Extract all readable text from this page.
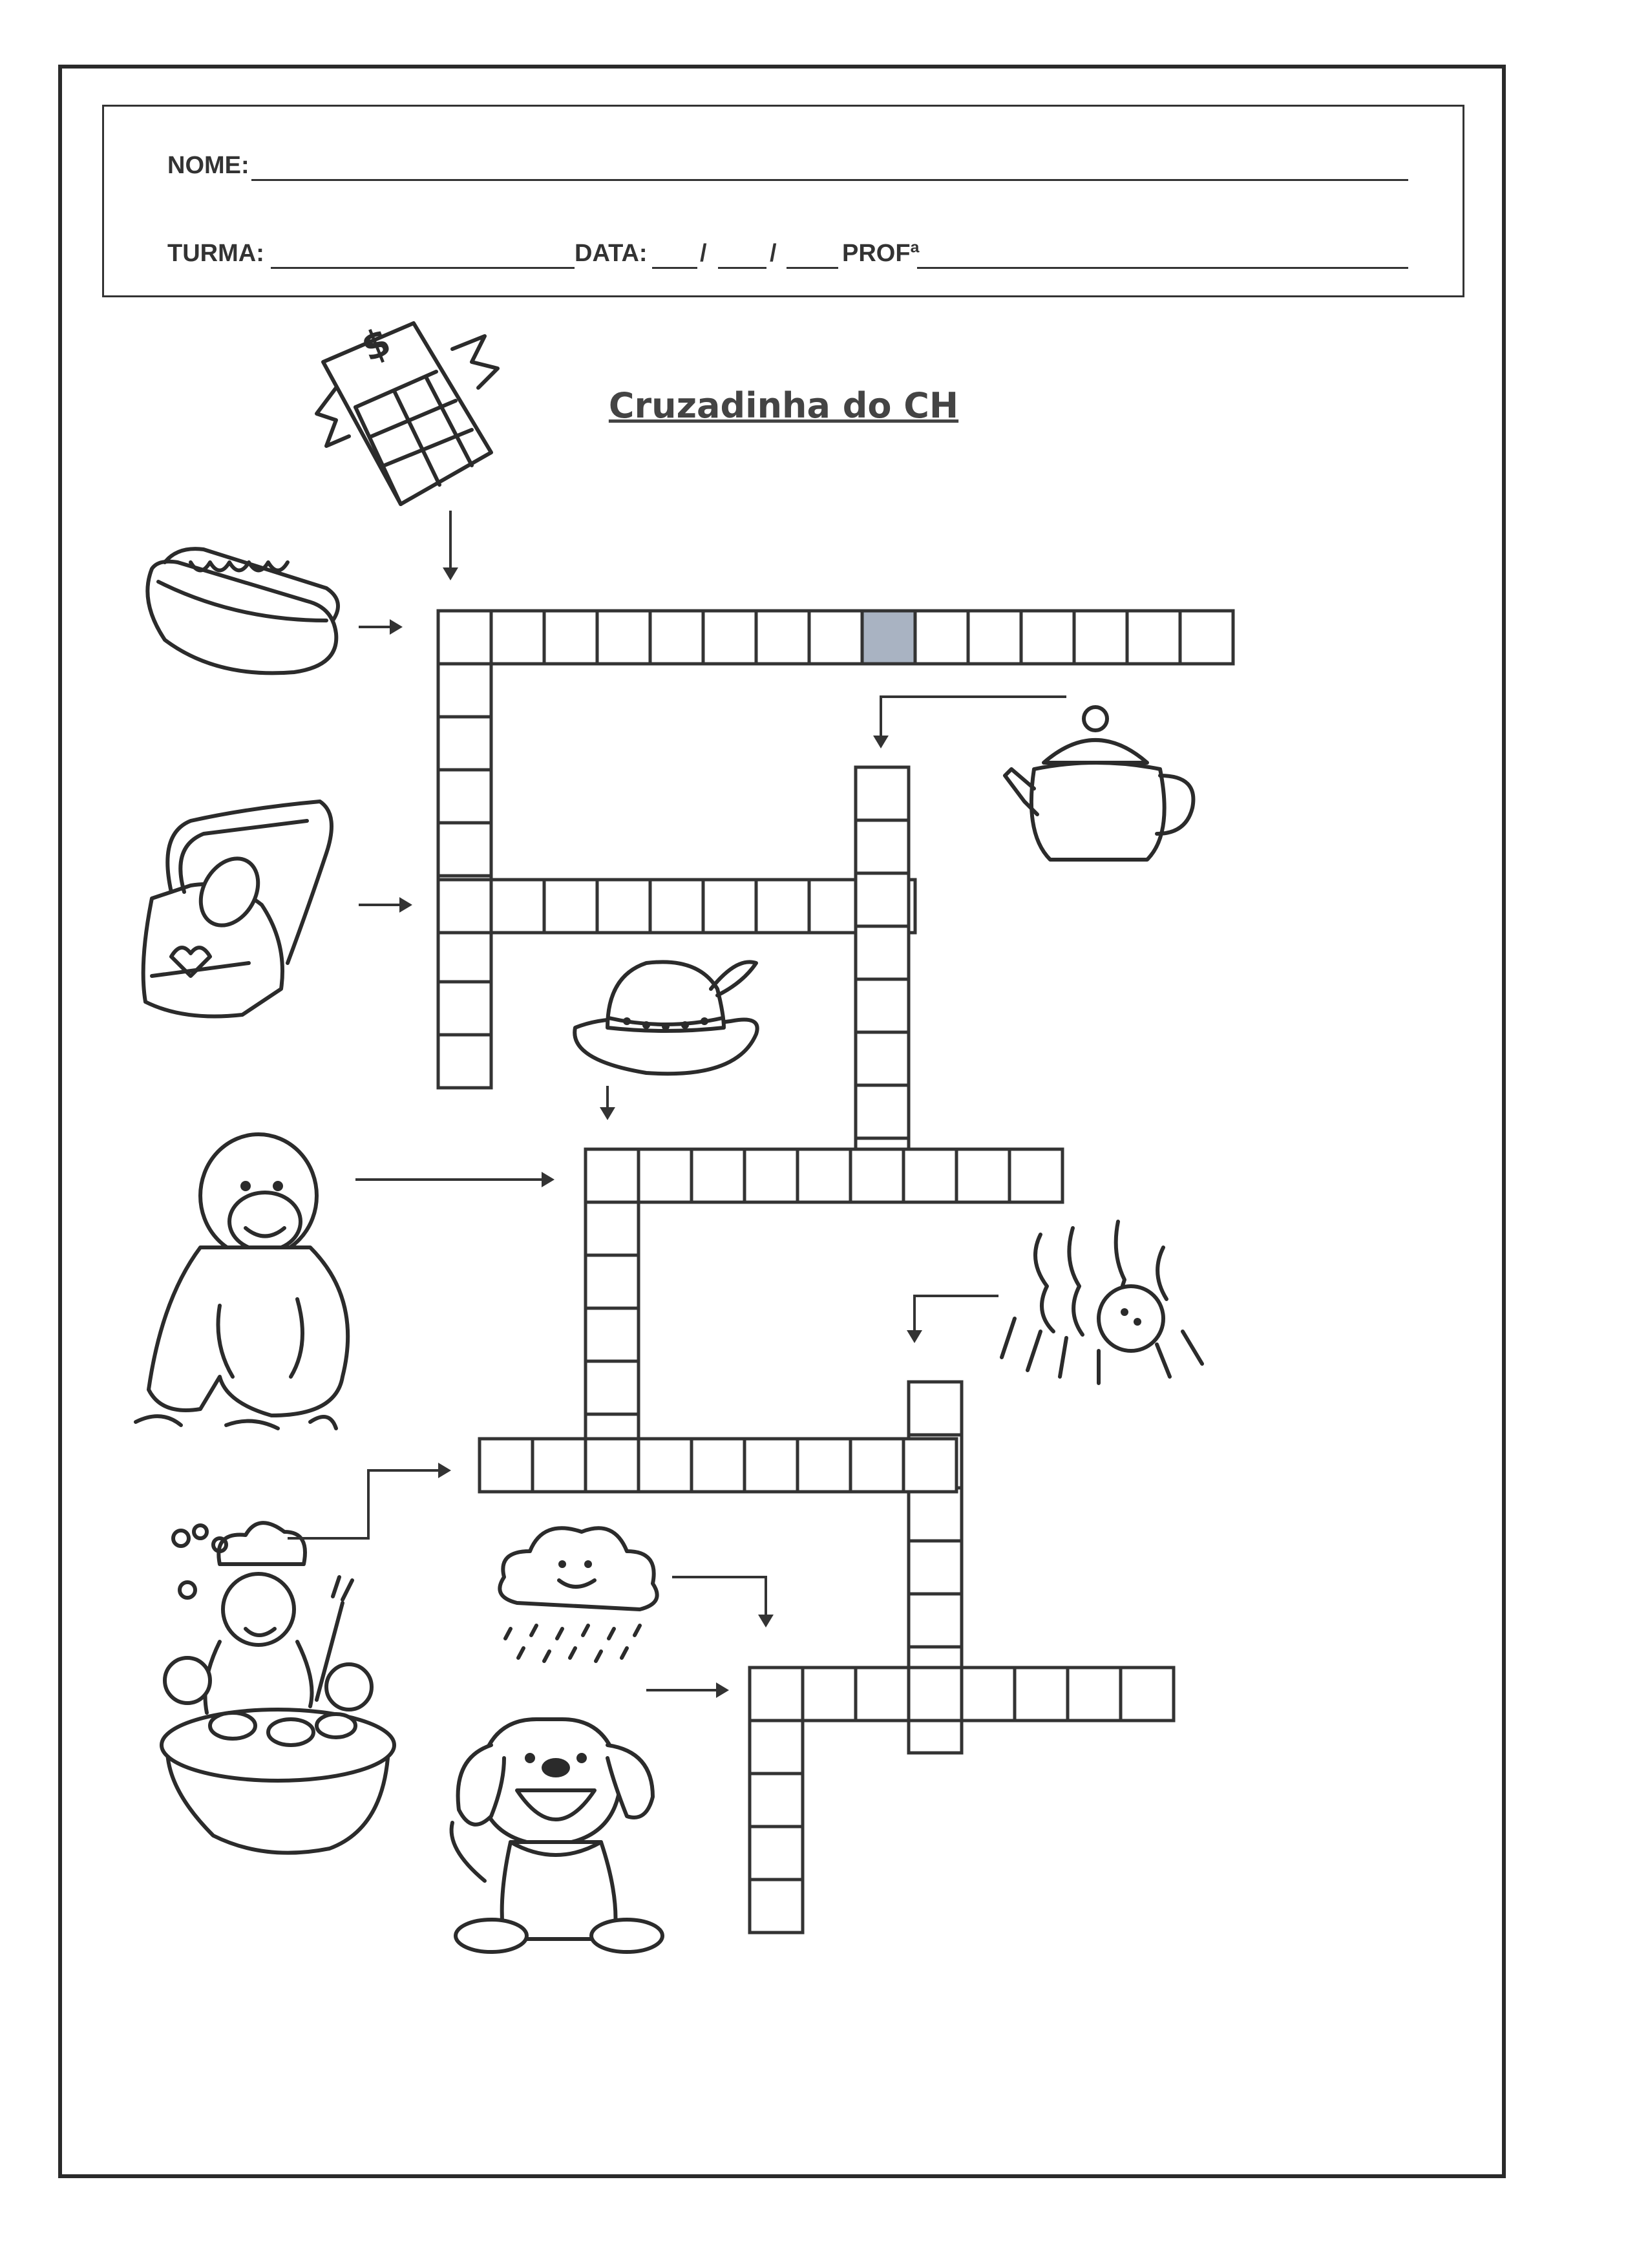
NOME:
TURMA:	DATA: /	/	PROFª
$
Cruzadinha do CH
